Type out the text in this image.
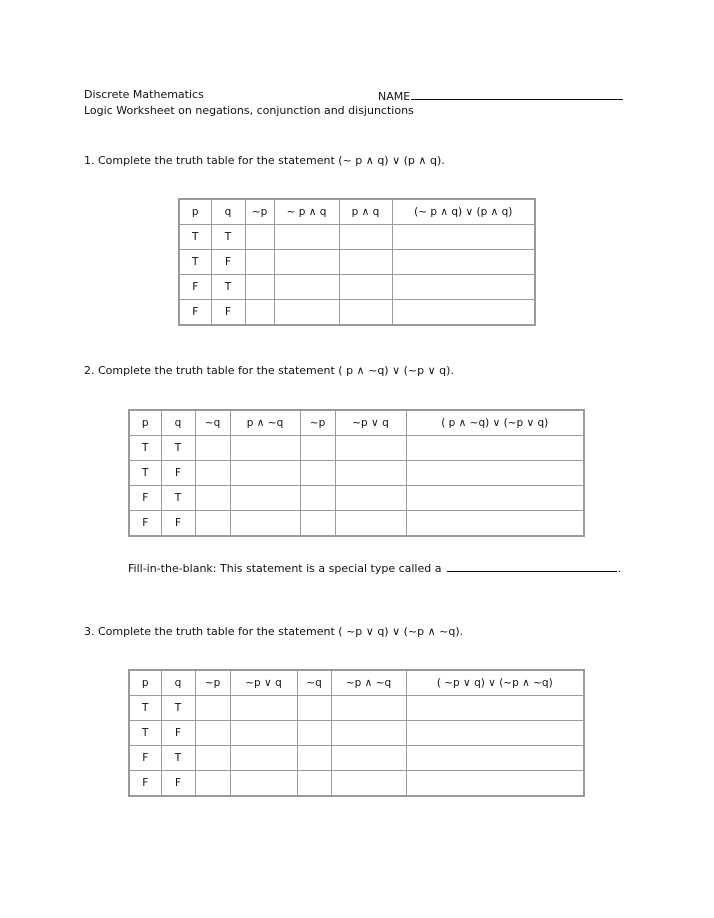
Discrete Mathematics	NAME
Logic Worksheet on negations, conjunction and disjunctions
1. Complete the truth table for the statement (~ p ∧ q) ∨ (p ∧ q).
p	q	~p	~ p ∧ q	p ∧ q	(~ p ∧ q) ∨ (p ∧ q)
T	T				
T	F				
F	T				
F	F				
2. Complete the truth table for the statement ( p ∧ ~q) ∨ (~p ∨ q).
p	q	~q	p ∧ ~q	~p	~p ∨ q	( p ∧ ~q) ∨ (~p ∨ q)
T	T					
T	F					
F	T					
F	F					
Fill-in-the-blank: This statement is a special type called a	.
3. Complete the truth table for the statement ( ~p ∨ q) ∨ (~p ∧ ~q).
p	q	~p	~p ∨ q	~q	~p ∧ ~q	( ~p ∨ q) ∨ (~p ∧ ~q)
T	T					
T	F					
F	T					
F	F					
